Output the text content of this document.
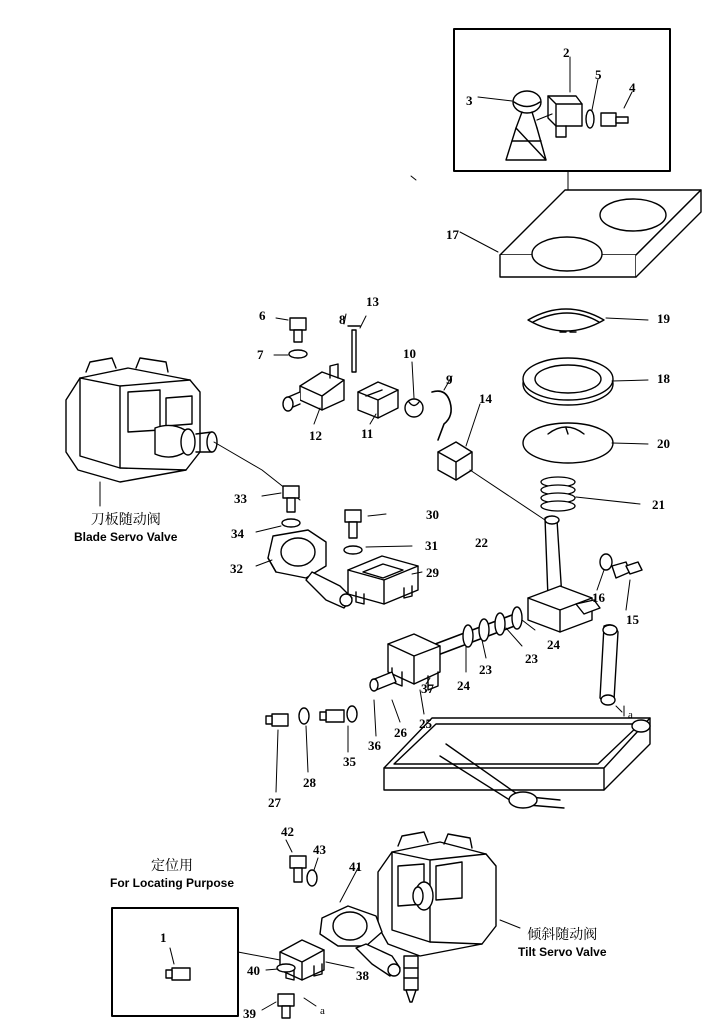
2
5
4
3
17
19
18
20
21
6
13
8
7	10
9
14
12	11
33
34
32
30
31
29
22
16
15
24
23
23
24
37
25
26
36
35
28
27
a
42
43
41
1
40	38
39	a
刀板随动阀
Blade Servo Valve
倾斜随动阀
Tilt Servo Valve
定位用
For Locating Purpose
